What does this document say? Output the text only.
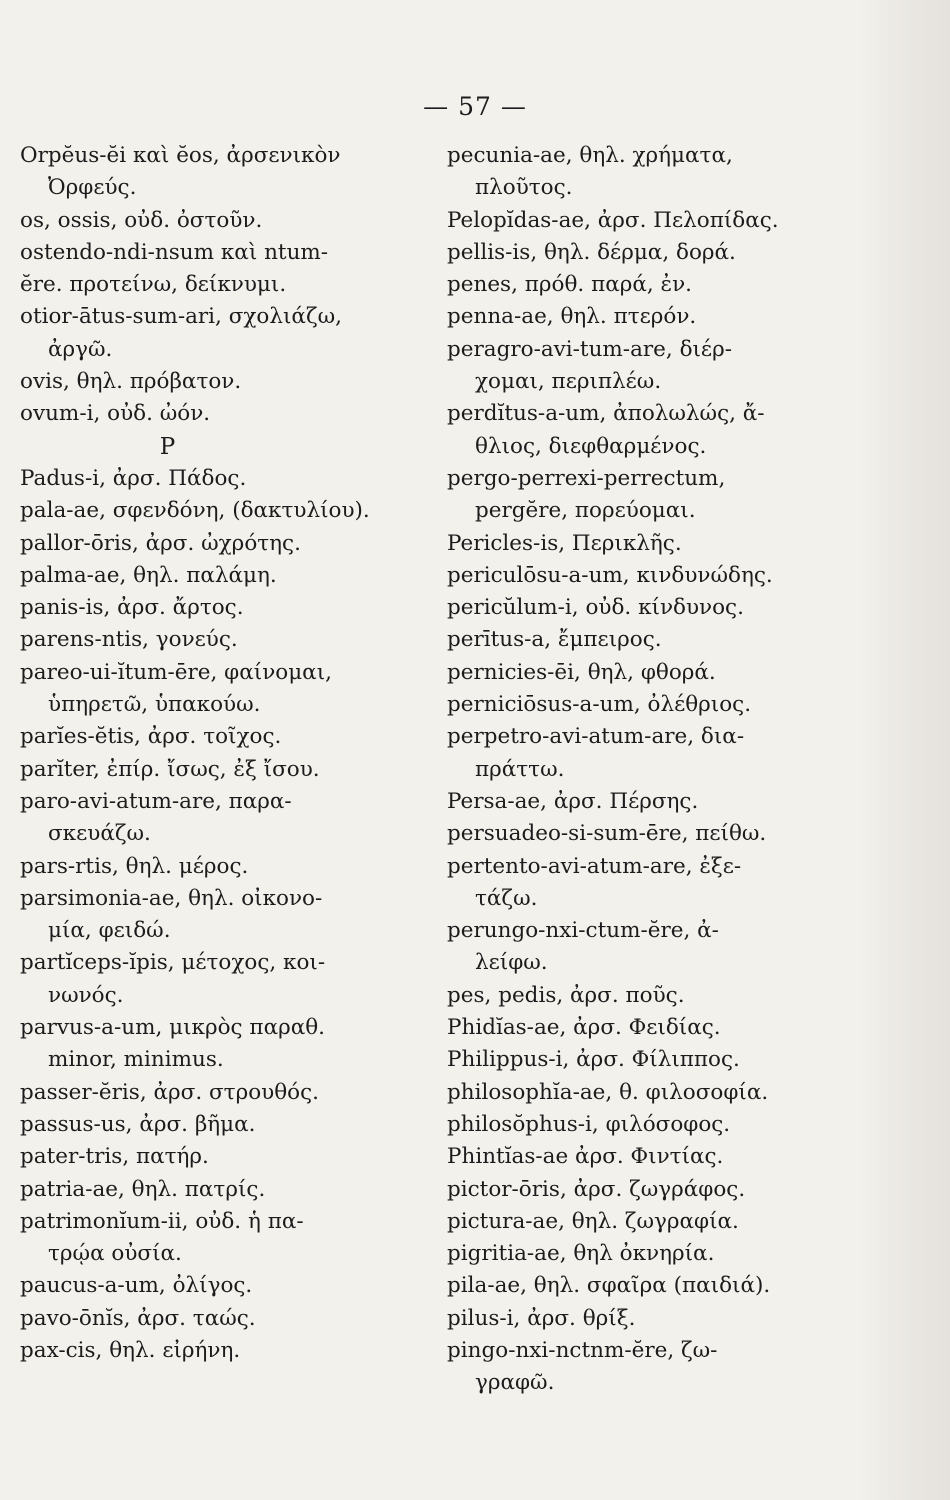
— 57 —
Orpĕus-ĕi καὶ ĕos, ἀρσενικὸν
Ὀρφεύς.
os, ossis, οὐδ. ὀστοῦν.
ostendo-ndi-nsum καὶ ntum-
ĕre. προτείνω, δείκνυμι.
otior-ātus-sum-ari, σχολιάζω,
ἀργῶ.
ovis, θηλ. πρόβατον.
ovum-i, οὐδ. ὠόν.
P
Padus-i, ἀρσ. Πάδος.
pala-ae, σφενδόνη, (δακτυλίου).
pallor-ōris, ἀρσ. ὠχρότης.
palma-ae, θηλ. παλάμη.
panis-is, ἀρσ. ἄρτος.
parens-ntis, γονεύς.
pareo-ui-ĭtum-ēre, φαίνομαι,
ὑπηρετῶ, ὑπακούω.
parĭes-ĕtis, ἀρσ. τοῖχος.
parĭter, ἐπίρ. ἴσως, ἐξ ἴσου.
paro-avi-atum-are, παρα-
σκευάζω.
pars-rtis, θηλ. μέρος.
parsimonia-ae, θηλ. οἰκονο-
μία, φειδώ.
partĭceps-ĭpis, μέτοχος, κοι-
νωνός.
parvus-a-um, μικρὸς παραθ.
minor, minimus.
passer-ĕris, ἀρσ. στρουθός.
passus-us, ἀρσ. βῆμα.
pater-tris, πατήρ.
patria-ae, θηλ. πατρίς.
patrimonĭum-ii, οὐδ. ἡ πα-
τρῴα οὐσία.
paucus-a-um, ὀλίγος.
pavo-ōnĭs, ἀρσ. ταώς.
pax-cis, θηλ. εἰρήνη.
pecunia-ae, θηλ. χρήματα,
πλοῦτος.
Pelopĭdas-ae, ἀρσ. Πελοπίδας.
pellis-is, θηλ. δέρμα, δορά.
penes, πρόθ. παρά, ἐν.
penna-ae, θηλ. πτερόν.
peragro-avi-tum-are, διέρ-
χομαι, περιπλέω.
perdĭtus-a-um, ἀπολωλώς, ἄ-
θλιος, διεφθαρμένος.
pergo-perrexi-perrectum,
pergĕre, πορεύομαι.
Pericles-is, Περικλῆς.
periculōsu-a-um, κινδυνώδης.
pericŭlum-i, οὐδ. κίνδυνος.
perītus-a, ἔμπειρος.
pernicies-ēi, θηλ, φθορά.
perniciōsus-a-um, ὀλέθριος.
perpetro-avi-atum-are, δια-
πράττω.
Persa-ae, ἀρσ. Πέρσης.
persuadeo-si-sum-ēre, πείθω.
pertento-avi-atum-are, ἐξε-
τάζω.
perungo-nxi-ctum-ĕre, ἀ-
λείφω.
pes, pedis, ἀρσ. ποῦς.
Phidĭas-ae, ἀρσ. Φειδίας.
Philippus-i, ἀρσ. Φίλιππος.
philosophĭa-ae, θ. φιλοσοφία.
philosŏphus-i, φιλόσοφος.
Phintĭas-ae ἀρσ. Φιντίας.
pictor-ōris, ἀρσ. ζωγράφος.
pictura-ae, θηλ. ζωγραφία.
pigritia-ae, θηλ ὀκνηρία.
pila-ae, θηλ. σφαῖρα (παιδιά).
pilus-i, ἀρσ. θρίξ.
pingo-nxi-nctnm-ĕre, ζω-
γραφῶ.
